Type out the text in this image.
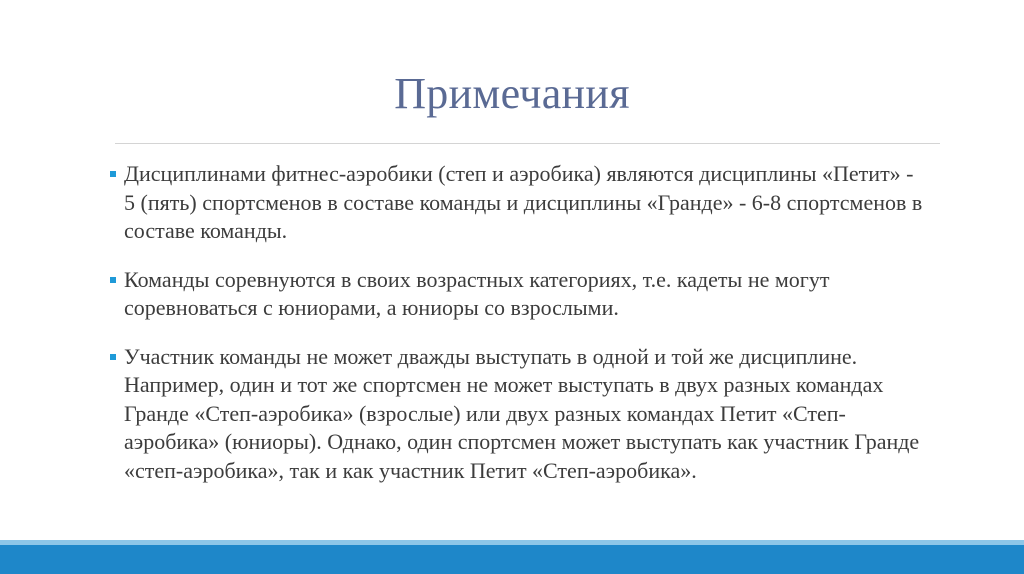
Примечания
Дисциплинами фитнес-аэробики (степ и аэробика) являются дисциплины «Петит» - 5 (пять) спортсменов в составе команды и дисциплины «Гранде» - 6-8 спортсменов в составе команды.
Команды соревнуются в своих возрастных категориях, т.е. кадеты не могут соревноваться с юниорами, а юниоры со взрослыми.
Участник команды не может дважды выступать в одной и той же дисциплине. Например, один и тот же спортсмен не может выступать в двух разных командах Гранде «Степ-аэробика» (взрослые) или двух разных командах Петит «Степ-аэробика» (юниоры). Однако, один спортсмен может выступать как участник Гранде «степ-аэробика», так и как участник Петит «Степ-аэробика».
